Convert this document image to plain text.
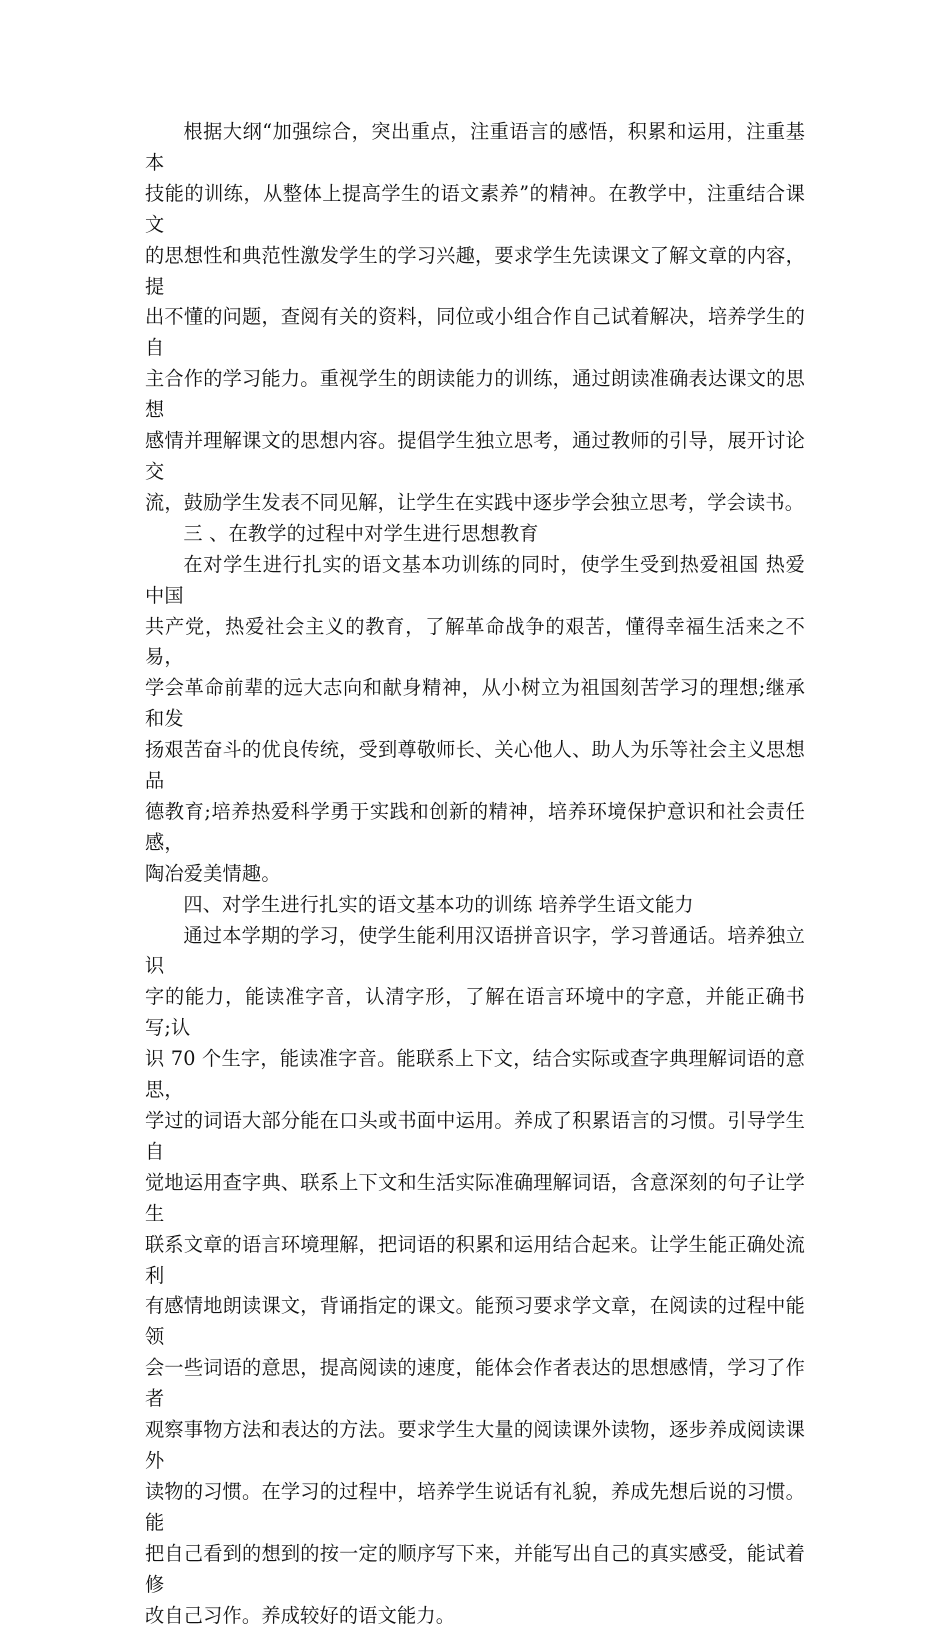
根据大纲“加强综合，突出重点，注重语言的感悟，积累和运用，注重基本
技能的训练，从整体上提高学生的语文素养”的精神。在教学中，注重结合课文
的思想性和典范性激发学生的学习兴趣，要求学生先读课文了解文章的内容，提
出不懂的问题，查阅有关的资料，同位或小组合作自己试着解决，培养学生的自
主合作的学习能力。重视学生的朗读能力的训练，通过朗读准确表达课文的思想
感情并理解课文的思想内容。提倡学生独立思考，通过教师的引导，展开讨论交
流，鼓励学生发表不同见解，让学生在实践中逐步学会独立思考，学会读书。
三 、在教学的过程中对学生进行思想教育
在对学生进行扎实的语文基本功训练的同时，使学生受到热爱祖国 热爱中国
共产党，热爱社会主义的教育，了解革命战争的艰苦，懂得幸福生活来之不易，
学会革命前辈的远大志向和献身精神，从小树立为祖国刻苦学习的理想;继承和发
扬艰苦奋斗的优良传统，受到尊敬师长、关心他人、助人为乐等社会主义思想 品
德教育;培养热爱科学勇于实践和创新的精神，培养环境保护意识和社会责任感，
陶冶爱美情趣。
四、对学生进行扎实的语文基本功的训练 培养学生语文能力
通过本学期的学习，使学生能利用汉语拼音识字，学习普通话。培养独立识
字的能力，能读准字音，认清字形，了解在语言环境中的字意，并能正确书写;认
识 70 个生字，能读准字音。能联系上下文，结合实际或查字典理解词语的意思，
学过的词语大部分能在口头或书面中运用。养成了积累语言的习惯。引导学生自
觉地运用查字典、联系上下文和生活实际准确理解词语，含意深刻的句子让学生
联系文章的语言环境理解，把词语的积累和运用结合起来。让学生能正确处流利
有感情地朗读课文，背诵指定的课文。能预习要求学文章，在阅读的过程中能领
会一些词语的意思，提高阅读的速度，能体会作者表达的思想感情，学习了作者
观察事物方法和表达的方法。要求学生大量的阅读课外读物，逐步养成阅读课外
读物的习惯。在学习的过程中，培养学生说话有礼貌，养成先想后说的习惯。能
把自己看到的想到的按一定的顺序写下来，并能写出自己的真实感受，能试着修
改自己习作。养成较好的语文能力。
